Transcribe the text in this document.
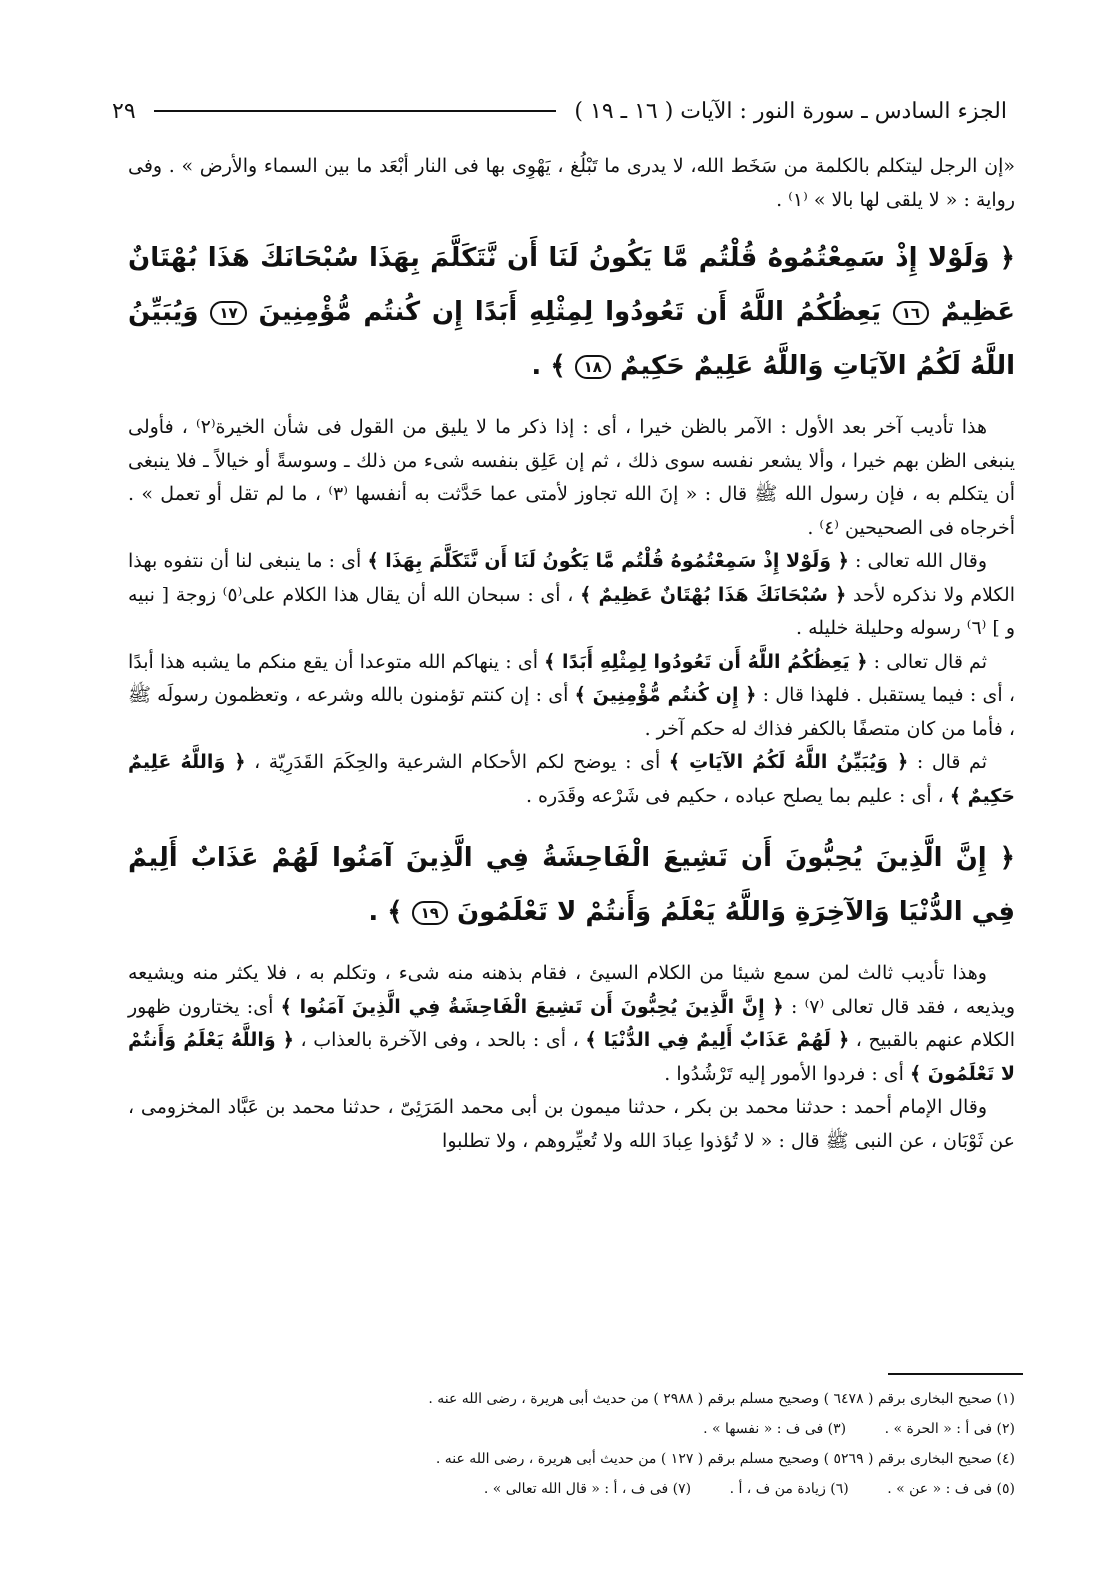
الجزء السادس ـ سورة النور : الآيات ( ١٦ ـ ١٩ )
٢٩

«إن الرجل ليتكلم بالكلمة من سَخَط الله، لا يدرى ما تَبْلُغ ، يَهْوِى بها فى النار أبْعَد ما بين السماء والأرض » . وفى رواية : « لا يلقى لها بالا » ⁽١⁾ .

﴿ وَلَوْلا إِذْ سَمِعْتُمُوهُ قُلْتُم مَّا يَكُونُ لَنَا أَن نَّتَكَلَّمَ بِهَذَا سُبْحَانَكَ هَذَا بُهْتَانٌ عَظِيمٌ ١٦ يَعِظُكُمُ اللَّهُ أَن تَعُودُوا لِمِثْلِهِ أَبَدًا إِن كُنتُم مُّؤْمِنِينَ ١٧ وَيُبَيِّنُ اللَّهُ لَكُمُ الآيَاتِ وَاللَّهُ عَلِيمٌ حَكِيمٌ ١٨ ﴾ .

هذا تأديب آخر بعد الأول : الآمر بالظن خيرا ، أى : إذا ذكر ما لا يليق من القول فى شأن الخيرة⁽٢⁾ ، فأولى ينبغى الظن بهم خيرا ، وألا يشعر نفسه سوى ذلك ، ثم إن عَلِق بنفسه شىء من ذلك ـ وسوسةً أو خيالاً ـ فلا ينبغى أن يتكلم به ، فإن رسول الله ﷺ قال : « إنَ الله تجاوز لأمتى عما حَدَّثت به أنفسها ⁽٣⁾ ، ما لم تقل أو تعمل » . أخرجاه فى الصحيحين ⁽٤⁾ .

وقال الله تعالى : ﴿ وَلَوْلا إِذْ سَمِعْتُمُوهُ قُلْتُم مَّا يَكُونُ لَنَا أَن نَّتَكَلَّمَ بِهَذَا ﴾ أى : ما ينبغى لنا أن نتفوه بهذا الكلام ولا نذكره لأحد ﴿ سُبْحَانَكَ هَذَا بُهْتَانٌ عَظِيمٌ ﴾ ، أى : سبحان الله أن يقال هذا الكلام على⁽٥⁾ زوجة [ نبيه و ] ⁽٦⁾ رسوله وحليلة خليله .

ثم قال تعالى : ﴿ يَعِظُكُمُ اللَّهُ أَن تَعُودُوا لِمِثْلِهِ أَبَدًا ﴾ أى : ينهاكم الله متوعدا أن يقع منكم ما يشبه هذا أبدًا ، أى : فيما يستقبل . فلهذا قال : ﴿ إِن كُنتُم مُّؤْمِنِينَ ﴾ أى : إن كنتم تؤمنون بالله وشرعه ، وتعظمون رسولَه ﷺ ، فأما من كان متصفًا بالكفر فذاك له حكم آخر .

ثم قال : ﴿ وَيُبَيِّنُ اللَّهُ لَكُمُ الآيَاتِ ﴾ أى : يوضح لكم الأحكام الشرعية والحِكَمَ القَدَرِيّة ، ﴿ وَاللَّهُ عَلِيمٌ حَكِيمٌ ﴾ ، أى : عليم بما يصلح عباده ، حكيم فى شَرْعه وقَدَره .

﴿ إِنَّ الَّذِينَ يُحِبُّونَ أَن تَشِيعَ الْفَاحِشَةُ فِي الَّذِينَ آمَنُوا لَهُمْ عَذَابٌ أَلِيمٌ فِي الدُّنْيَا وَالآخِرَةِ وَاللَّهُ يَعْلَمُ وَأَنتُمْ لا تَعْلَمُونَ ١٩ ﴾ .

وهذا تأديب ثالث لمن سمع شيئا من الكلام السيئ ، فقام بذهنه منه شىء ، وتكلم به ، فلا يكثر منه ويشيعه ويذيعه ، فقد قال تعالى ⁽٧⁾ : ﴿ إِنَّ الَّذِينَ يُحِبُّونَ أَن تَشِيعَ الْفَاحِشَةُ فِي الَّذِينَ آمَنُوا ﴾ أى: يختارون ظهور الكلام عنهم بالقبيح ، ﴿ لَهُمْ عَذَابٌ أَلِيمٌ فِي الدُّنْيَا ﴾ ، أى : بالحد ، وفى الآخرة بالعذاب ، ﴿ وَاللَّهُ يَعْلَمُ وَأَنتُمْ لا تَعْلَمُونَ ﴾ أى : فردوا الأمور إليه تَرْشُدُوا .

وقال الإمام أحمد : حدثنا محمد بن بكر ، حدثنا ميمون بن أبى محمد المَرَئِىّ ، حدثنا محمد بن عَبَّاد المخزومى ، عن ثَوْبَان ، عن النبى ﷺ قال : « لا تُؤذوا عِبادَ الله ولا تُعيِّروهم ، ولا تطلبوا

(١) صحيح البخارى برقم ( ٦٤٧٨ ) وصحيح مسلم برقم ( ٢٩٨٨ ) من حديث أبى هريرة ، رضى الله عنه .
(٢) فى أ : « الحرة » . (٣) فى ف : « نفسها » .
(٤) صحيح البخارى برقم ( ٥٢٦٩ ) وصحيح مسلم برقم ( ١٢٧ ) من حديث أبى هريرة ، رضى الله عنه .
(٥) فى ف : « عن » . (٦) زيادة من ف ، أ . (٧) فى ف ، أ : « قال الله تعالى » .
